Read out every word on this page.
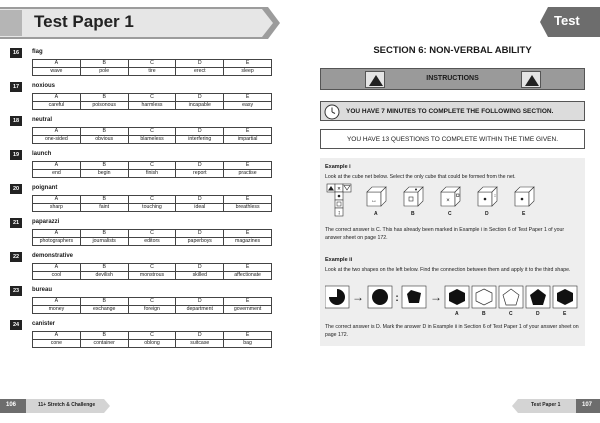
Test Paper 1	Test
16	flag
A	B	C	D	E
wave	pole	tire	erect	sleep
17	noxious
A	B	C	D	E
careful	poisonous	harmless	incapable	easy
18	neutral
A	B	C	D	E
one-sided	obvious	blameless	interfering	impartial
19	launch
A	B	C	D	E
end	begin	finish	report	practise
20	poignant
A	B	C	D	E
sharp	faint	touching	ideal	breathless
21	paparazzi
A	B	C	D	E
photographers	journalists	editors	paperboys	magazines
22	demonstrative
A	B	C	D	E
cool	devilish	monstrous	skilled	affectionate
23	bureau
A	B	C	D	E
money	exchange	foreign	department	government
24	canister
A	B	C	D	E
cone	container	oblong	suitcase	bag
SECTION 6: NON-VERBAL ABILITY
INSTRUCTIONS
YOU HAVE 7 MINUTES TO COMPLETE THE FOLLOWING SECTION.
YOU HAVE 13 QUESTIONS TO COMPLETE WITHIN THE TIME GIVEN.
Example i
Look at the cube net below. Select the only cube that could be formed from the net.
×
↕
↔	×
↕
A	B	C	D	E
The correct answer is C. This has already been marked in Example i in Section 6 of Test Paper 1 of your answer sheet on page 172.
Example ii
Look at the two shapes on the left below. Find the connection between them and apply it to the third shape.
→	:	→
A	B	C	D	E
The correct answer is D. Mark the answer D in Example ii in Section 6 of Test Paper 1 of your answer sheet on page 172.
106	11+ Stretch & Challenge	Test Paper 1	107
